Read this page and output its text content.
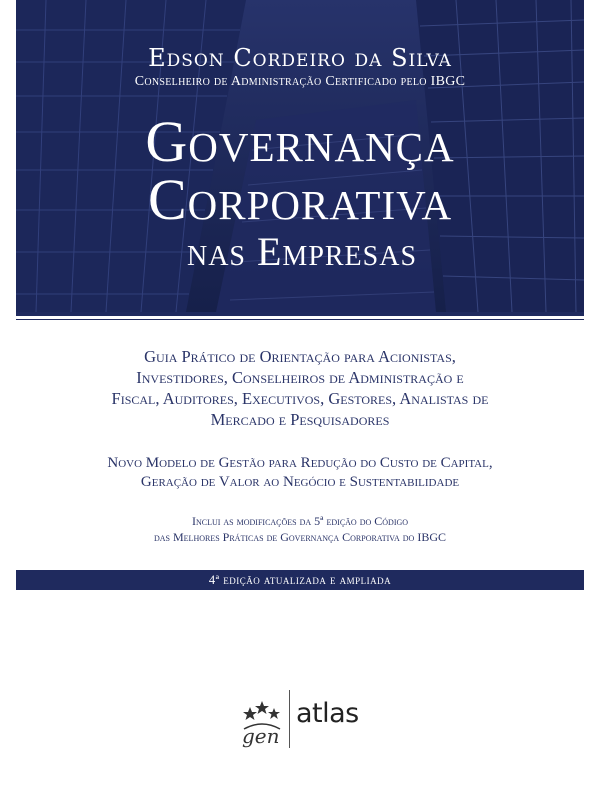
Edson Cordeiro da Silva
Conselheiro de Administração Certificado pelo IBGC
Governança
Corporativa
nas Empresas
Guia Prático de Orientação para Acionistas,
Investidores, Conselheiros de Administração e
Fiscal, Auditores, Executivos, Gestores, Analistas de
Mercado e Pesquisadores
Novo Modelo de Gestão para Redução do Custo de Capital,
Geração de Valor ao Negócio e Sustentabilidade
Inclui as modificações da 5ª edição do Código
das Melhores Práticas de Governança Corporativa do IBGC
4ª edição atualizada e ampliada
gen
atlas
